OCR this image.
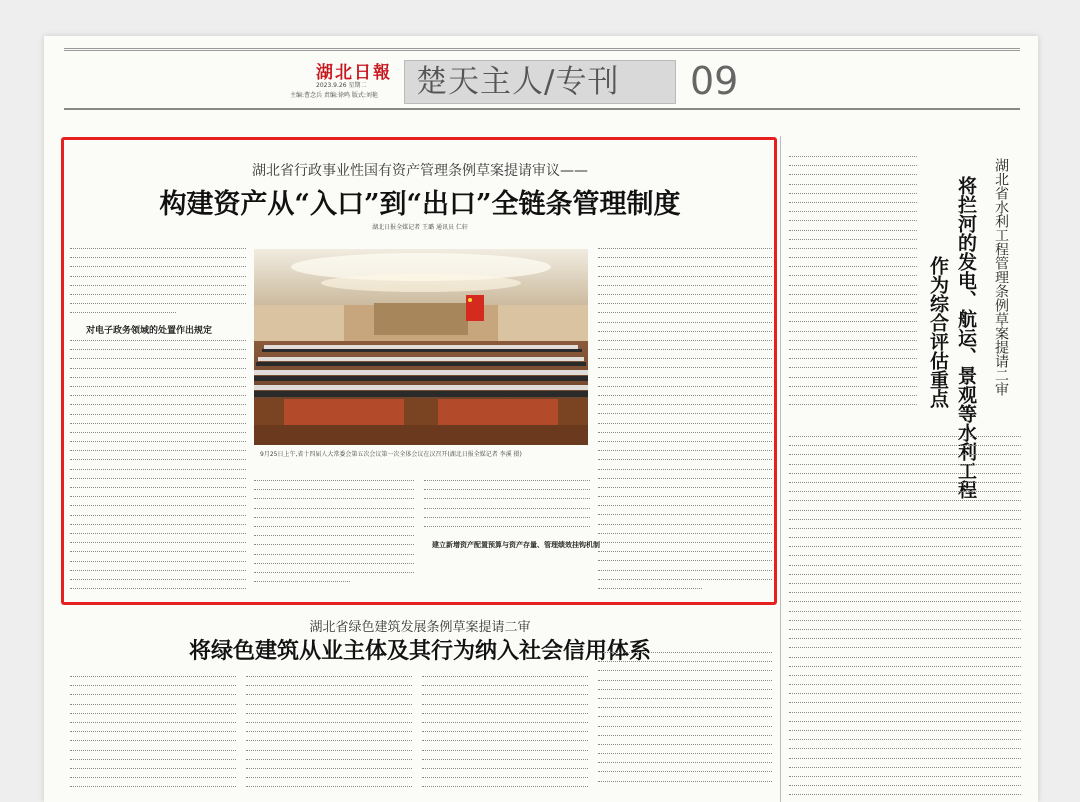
湖北日報
2023.9.26 星期二
主编:曹念兵 责编:徐鸣 版式:刘艳 楚天主人/专刊 09
湖北省行政事业性国有资产管理条例草案提请审议——
构建资产从“入口”到“出口”全链条管理制度
湖北日报全媒记者 王璐 通讯员 仁轩
对电子政务领域的处置作出规定
9月25日上午,省十四届人大常委会第五次会议第一次全体会议在汉召开(湖北日报全媒记者 李溪 摄)
建立新增资产配置预算与资产存量、管理绩效挂钩机制
湖北省水利工程管理条例草案提请二审
将拦河的发电、航运、景观等水利工程
作为综合评估重点
湖北省绿色建筑发展条例草案提请二审
将绿色建筑从业主体及其行为纳入社会信用体系
